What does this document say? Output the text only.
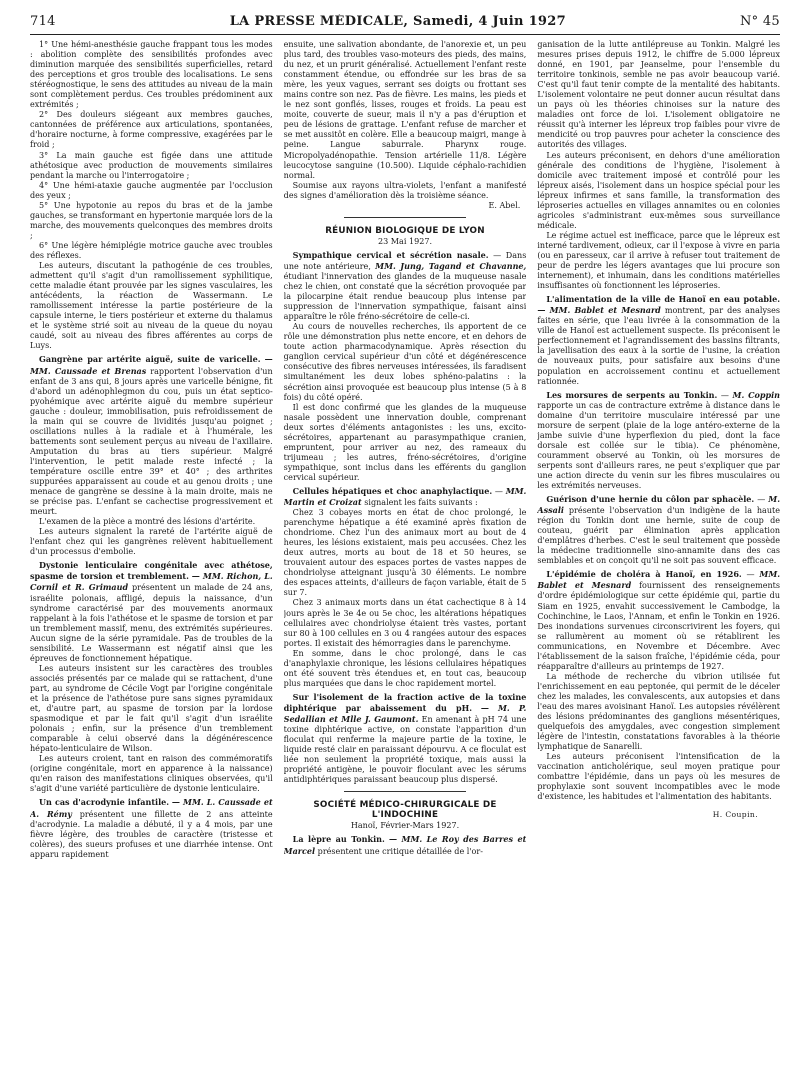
714	LA PRESSE MÉDICALE, Samedi, 4 Juin 1927	N° 45

1° Une hémi-anesthésie gauche frappant tous les modes : abolition complète des sensibilités profondes avec diminution marquée des sensibilités superficielles, retard des perceptions et gros trouble des localisations. Le sens stéréognostique, le sens des attitudes au niveau de la main sont complètement perdus. Ces troubles prédominent aux extrémités ;

2° Des douleurs siégeant aux membres gauches, cantonnées de préférence aux articulations, spontanées, d'horaire nocturne, à forme compressive, exagérées par le froid ;

3° La main gauche est figée dans une attitude athétosique avec production de mouvements similaires pendant la marche ou l'interrogatoire ;

4° Une hémi-ataxie gauche augmentée par l'occlusion des yeux ;

5° Une hypotonie au repos du bras et de la jambe gauches, se transformant en hypertonie marquée lors de la marche, des mouvements quelconques des membres droits ;

6° Une légère hémiplégie motrice gauche avec troubles des réflexes.

Les auteurs, discutant la pathogénie de ces troubles, admettent qu'il s'agit d'un ramollissement syphilitique, cette maladie étant prouvée par les signes vasculaires, les antécédents, la réaction de Wassermann. Le ramollissement intéresse la partie postérieure de la capsule interne, le tiers postérieur et externe du thalamus et le système strié soit au niveau de la queue du noyau caudé, soit au niveau des fibres afférentes au corps de Luys.

Gangrène par artérite aiguë, suite de varicelle. — MM. Caussade et Brenas rapportent l'observation d'un enfant de 3 ans qui, 8 jours après une varicelle bénigne, fit d'abord un adénophlegmon du cou, puis un état septico-pyohémique avec artérite aiguë du membre supérieur gauche : douleur, immobilisation, puis refroidissement de la main qui se couvre de lividités jusqu'au poignet ; oscillations nulles à la radiale et à l'humérale, les battements sont seulement perçus au niveau de l'axillaire. Amputation du bras au tiers supérieur. Malgré l'intervention, le petit malade reste infecté ; la température oscille entre 39° et 40° ; des arthrites suppurées apparaissent au coude et au genou droits ; une menace de gangrène se dessine à la main droite, mais ne se précise pas. L'enfant se cachectise progressivement et meurt.

L'examen de la pièce a montré des lésions d'artérite.

Les auteurs signalent la rareté de l'artérite aiguë de l'enfant chez qui les gangrènes relèvent habituellement d'un processus d'embolie.

Dystonie lenticulaire congénitale avec athétose, spasme de torsion et tremblement. — MM. Richon, L. Cornil et R. Grimaud présentent un malade de 24 ans, israélite polonais, affligé, depuis la naissance, d'un syndrome caractérisé par des mouvements anormaux rappelant à la fois l'athétose et le spasme de torsion et par un tremblement massif, menu, des extrémités supérieures. Aucun signe de la série pyramidale. Pas de troubles de la sensibilité. Le Wassermann est négatif ainsi que les épreuves de fonctionnement hépatique.

Les auteurs insistent sur les caractères des troubles associés présentés par ce malade qui se rattachent, d'une part, au syndrome de Cécile Vogt par l'origine congénitale et la présence de l'athétose pure sans signes pyramidaux et, d'autre part, au spasme de torsion par la lordose spasmodique et par le fait qu'il s'agit d'un israélite polonais ; enfin, sur la présence d'un tremblement comparable à celui observé dans la dégénérescence hépato-lenticulaire de Wilson.

Les auteurs croient, tant en raison des commémoratifs (origine congénitale, mort en apparence à la naissance) qu'en raison des manifestations cliniques observées, qu'il s'agit d'une variété particulière de dystonie lenticulaire.

Un cas d'acrodynie infantile. — MM. L. Caussade et A. Rémy présentent une fillette de 2 ans atteinte d'acrodynie. La maladie a débuté, il y a 4 mois, par une fièvre légère, des troubles de caractère (tristesse et colères), des sueurs profuses et une diarrhée intense. Ont apparu rapidement

ensuite, une salivation abondante, de l'anorexie et, un peu plus tard, des troubles vaso-moteurs des pieds, des mains, du nez, et un prurit généralisé. Actuellement l'enfant reste constamment étendue, ou effondrée sur les bras de sa mère, les yeux vagues, serrant ses doigts ou frottant ses mains contre son nez. Pas de fièvre. Les mains, les pieds et le nez sont gonflés, lisses, rouges et froids. La peau est moite, couverte de sueur, mais il n'y a pas d'éruption et peu de lésions de grattage. L'enfant refuse de marcher et se met aussitôt en colère. Elle a beaucoup maigri, mange à peine. Langue saburrale. Pharynx rouge. Micropolyadénopathie. Tension artérielle 11/8. Légère leucocytose sanguine (10.500). Liquide céphalo-rachidien normal.

Soumise aux rayons ultra-violets, l'enfant a manifesté des signes d'amélioration dès la troisième séance.

E. Abel.
RÉUNION BIOLOGIQUE DE LYON
23 Mai 1927.

Sympathique cervical et sécrétion nasale. — Dans une note antérieure, MM. Jung, Tagand et Chavanne, étudiant l'innervation des glandes de la muqueuse nasale chez le chien, ont constaté que la sécrétion provoquée par la pilocarpine était rendue beaucoup plus intense par suppression de l'innervation sympathique, faisant ainsi apparaître le rôle fréno-sécrétoire de celle-ci.

Au cours de nouvelles recherches, ils apportent de ce rôle une démonstration plus nette encore, et en dehors de toute action pharmacodynamique. Après résection du ganglion cervical supérieur d'un côté et dégénérescence consécutive des fibres nerveuses intéressées, ils faradisent simultanément les deux lobes sphéno-palatins : la sécrétion ainsi provoquée est beaucoup plus intense (5 à 8 fois) du côté opéré.

Il est donc confirmé que les glandes de la muqueuse nasale possèdent une innervation double, comprenant deux sortes d'éléments antagonistes : les uns, excito-sécrétoires, appartenant au parasympathique cranien, empruntent, pour arriver au nez, des rameaux du trijumeau ; les autres, fréno-sécrétoires, d'origine sympathique, sont inclus dans les efférents du ganglion cervical supérieur.

Cellules hépatiques et choc anaphylactique. — MM. Martin et Croizat signalent les faits suivants :

Chez 3 cobayes morts en état de choc prolongé, le parenchyme hépatique a été examiné après fixation de chondriome. Chez l'un des animaux mort au bout de 4 heures, les lésions existaient, mais peu accusées. Chez les deux autres, morts au bout de 18 et 50 heures, se trouvaient autour des espaces portes de vastes nappes de chondriolyse atteignant jusqu'à 30 éléments. Le nombre des espaces atteints, d'ailleurs de façon variable, était de 5 sur 7.

Chez 3 animaux morts dans un état cachectique 8 à 14 jours après le 3e 4e ou 5e choc, les altérations hépatiques cellulaires avec chondriolyse étaient très vastes, portant sur 80 à 100 cellules en 3 ou 4 rangées autour des espaces portes. Il existait des hémorragies dans le parenchyme.

En somme, dans le choc prolongé, dans le cas d'anaphylaxie chronique, les lésions cellulaires hépatiques ont été souvent très étendues et, en tout cas, beaucoup plus marquées que dans le choc rapidement mortel.

Sur l'isolement de la fraction active de la toxine diphtérique par abaissement du pH. — M. P. Sedallian et Mlle J. Gaumont. En amenant à pH 74 une toxine diphtérique active, on constate l'apparition d'un floculat qui renferme la majeure partie de la toxine, le liquide resté clair en paraissant dépourvu. A ce floculat est liée non seulement la propriété toxique, mais aussi la propriété antigène, le pouvoir floculant avec les sérums antidiphtériques paraissant beaucoup plus dispersé.

SOCIÉTÉ MÉDICO-CHIRURGICALE DE L'INDOCHINE
Hanoï, Février-Mars 1927.

La lèpre au Tonkin. — MM. Le Roy des Barres et Marcel présentent une critique détaillée de l'or-

ganisation de la lutte antilépreuse au Tonkin. Malgré les mesures prises depuis 1912, le chiffre de 5.000 lépreux donné, en 1901, par Jeanselme, pour l'ensemble du territoire tonkinois, semble ne pas avoir beaucoup varié. C'est qu'il faut tenir compte de la mentalité des habitants. L'isolement volontaire ne peut donner aucun résultat dans un pays où les théories chinoises sur la nature des maladies ont force de loi. L'isolement obligatoire ne réussit qu'à interner les lépreux trop faibles pour vivre de mendicité ou trop pauvres pour acheter la conscience des autorités des villages.

Les auteurs préconisent, en dehors d'une amélioration générale des conditions de l'hygiène, l'isolement à domicile avec traitement imposé et contrôlé pour les lépreux aisés, l'isolement dans un hospice spécial pour les lépreux infirmes et sans famille, la transformation des léproseries actuelles en villages annamites ou en colonies agricoles s'administrant eux-mêmes sous surveillance médicale.

Le régime actuel est inefficace, parce que le lépreux est interné tardivement, odieux, car il l'expose à vivre en paria (ou en paresseux, car il arrive à refuser tout traitement de peur de perdre les légers avantages que lui procure son internement), et inhumain, dans les conditions matérielles insuffisantes où fonctionnent les léproseries.

L'alimentation de la ville de Hanoï en eau potable. — MM. Bablet et Mesnard montrent, par des analyses faites en série, que l'eau livrée à la consommation de la ville de Hanoï est actuellement suspecte. Ils préconisent le perfectionnement et l'agrandissement des bassins filtrants, la javellisation des eaux à la sortie de l'usine, la création de nouveaux puits, pour satisfaire aux besoins d'une population en accroissement continu et actuellement rationnée.

Les morsures de serpents au Tonkin. — M. Coppin rapporte un cas de contracture extrême à distance dans le domaine d'un territoire musculaire intéressé par une morsure de serpent (plaie de la loge antéro-externe de la jambe suivie d'une hyperflexion du pied, dont la face dorsale est collée sur le tibia). Ce phénomène, couramment observé au Tonkin, où les morsures de serpents sont d'ailleurs rares, ne peut s'expliquer que par une action directe du venin sur les fibres musculaires ou les extrémités nerveuses.

Guérison d'une hernie du côlon par sphacèle. — M. Assali présente l'observation d'un indigène de la haute région du Tonkin dont une hernie, suite de coup de couteau, guérit par élimination après application d'emplâtres d'herbes. C'est le seul traitement que possède la médecine traditionnelle sino-annamite dans des cas semblables et on conçoit qu'il ne soit pas souvent efficace.

L'épidémie de choléra à Hanoï, en 1926. — MM. Bablet et Mesnard fournissent des renseignements d'ordre épidémiologique sur cette épidémie qui, partie du Siam en 1925, envahit successivement le Cambodge, la Cochinchine, le Laos, l'Annam, et enfin le Tonkin en 1926. Des inondations survenues circonscrivirent les foyers, qui se rallumèrent au moment où se rétablirent les communications, en Novembre et Décembre. Avec l'établissement de la saison fraîche, l'épidémie céda, pour réapparaître d'ailleurs au printemps de 1927.

La méthode de recherche du vibrion utilisée fut l'enrichissement en eau peptonée, qui permit de le déceler chez les malades, les convalescents, aux autopsies et dans l'eau des mares avoisinant Hanoï. Les autopsies révélèrent des lésions prédominantes des ganglions mésentériques, quelquefois des amygdales, avec congestion simplement légère de l'intestin, constatations favorables à la théorie lymphatique de Sanarelli.

Les auteurs préconisent l'intensification de la vaccination anticholérique, seul moyen pratique pour combattre l'épidémie, dans un pays où les mesures de prophylaxie sont souvent incompatibles avec le mode d'existence, les habitudes et l'alimentation des habitants.

H. Coupin.
